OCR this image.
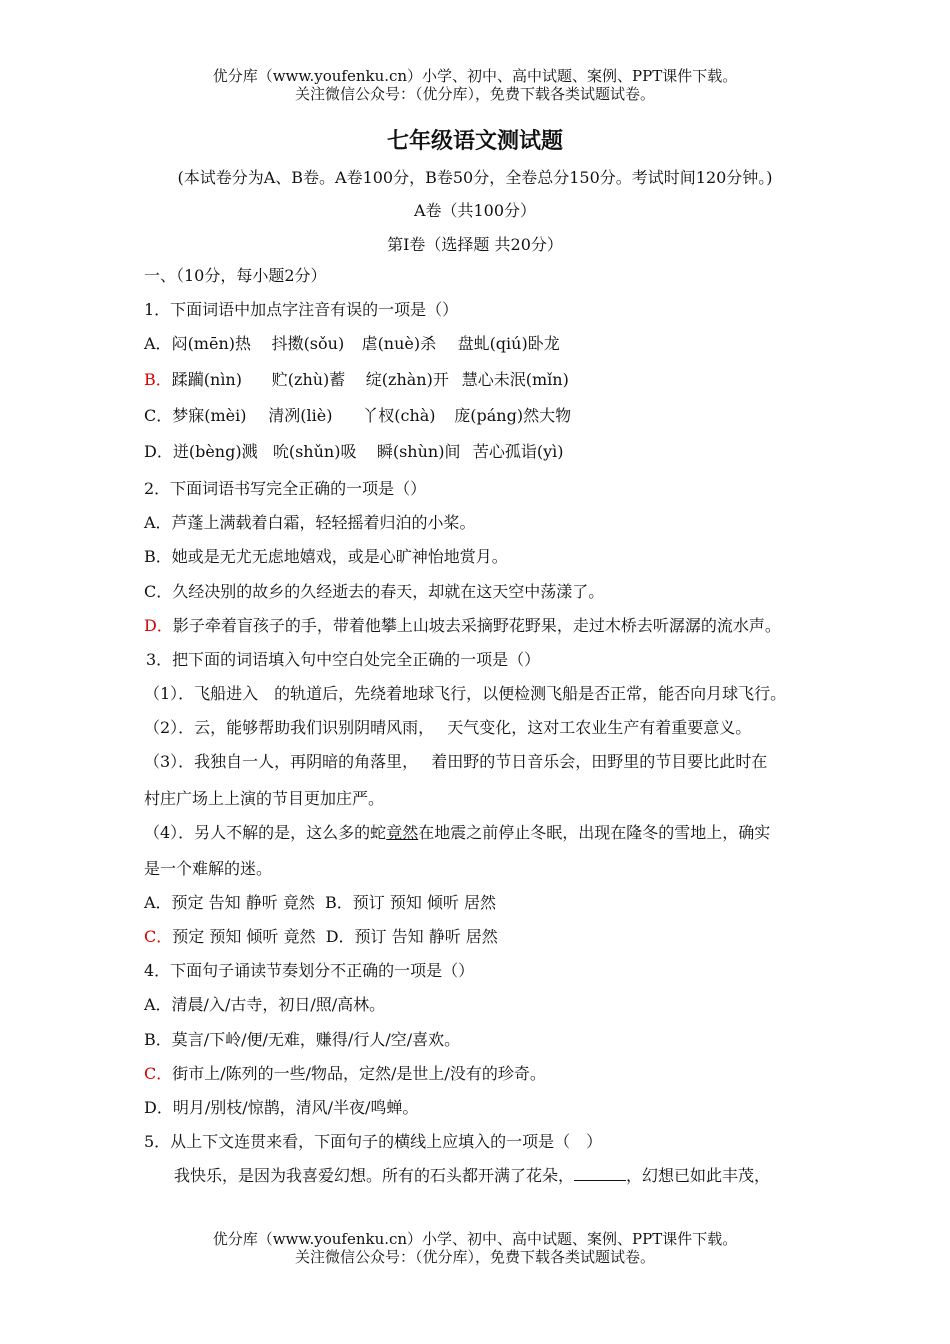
优分库（www.youfenku.cn）小学、初中、高中试题、案例、PPT课件下载。
关注微信公众号：（优分库），免费下载各类试题试卷。
七年级语文测试题
(本试卷分为A、B卷。A卷100分，B卷50分，全卷总分150分。考试时间120分钟。)
A卷（共100分）
第Ⅰ卷（选择题 共20分）
一、（10分，每小题2分）
1．下面词语中加点字注音有误的一项是（）
A．闷(mēn)热 抖擞(sǒu) 虐(nuè)杀 盘虬(qiú)卧龙
B．蹂躏(nìn) 贮(zhù)蓄 绽(zhàn)开 慧心未泯(mǐn)
C．梦寐(mèi) 清冽(liè) 丫杈(chà) 庞(páng)然大物
D．迸(bèng)溅 吮(shǔn)吸 瞬(shùn)间 苦心孤诣(yì)
2．下面词语书写完全正确的一项是（）
A．芦蓬上满载着白霜，轻轻摇着归泊的小桨。
B．她或是无尤无虑地嬉戏，或是心旷神怡地赏月。
C．久经决别的故乡的久经逝去的春天，却就在这天空中荡漾了。
D．影子牵着盲孩子的手，带着他攀上山坡去采摘野花野果，走过木桥去听潺潺的流水声。
3．把下面的词语填入句中空白处完全正确的一项是（）
（1）．飞船进入　的轨道后，先绕着地球飞行，以便检测飞船是否正常，能否向月球飞行。
（2）．云，能够帮助我们识别阴晴风雨，　 天气变化，这对工农业生产有着重要意义。
（3）．我独自一人，再阴暗的角落里，　 着田野的节日音乐会，田野里的节目要比此时在
村庄广场上上演的节目更加庄严。
（4）．另人不解的是，这么多的蛇竟然在地震之前停止冬眠，出现在隆冬的雪地上，确实
是一个难解的迷。
A．预定 告知 静听 竟然 B．预订 预知 倾听 居然
C．预定 预知 倾听 竟然 D．预订 告知 静听 居然
4．下面句子诵读节奏划分不正确的一项是（）
A．清晨/入/古寺，初日/照/高林。
B．莫言/下岭/便/无难，赚得/行人/空/喜欢。
C．街市上/陈列的一些/物品，定然/是世上/没有的珍奇。
D．明月/别枝/惊鹊，清风/半夜/鸣蝉。
5．从上下文连贯来看，下面句子的横线上应填入的一项是（　）
我快乐，是因为我喜爱幻想。所有的石头都开满了花朵，	，幻想已如此丰茂，
优分库（www.youfenku.cn）小学、初中、高中试题、案例、PPT课件下载。
关注微信公众号：（优分库），免费下载各类试题试卷。
